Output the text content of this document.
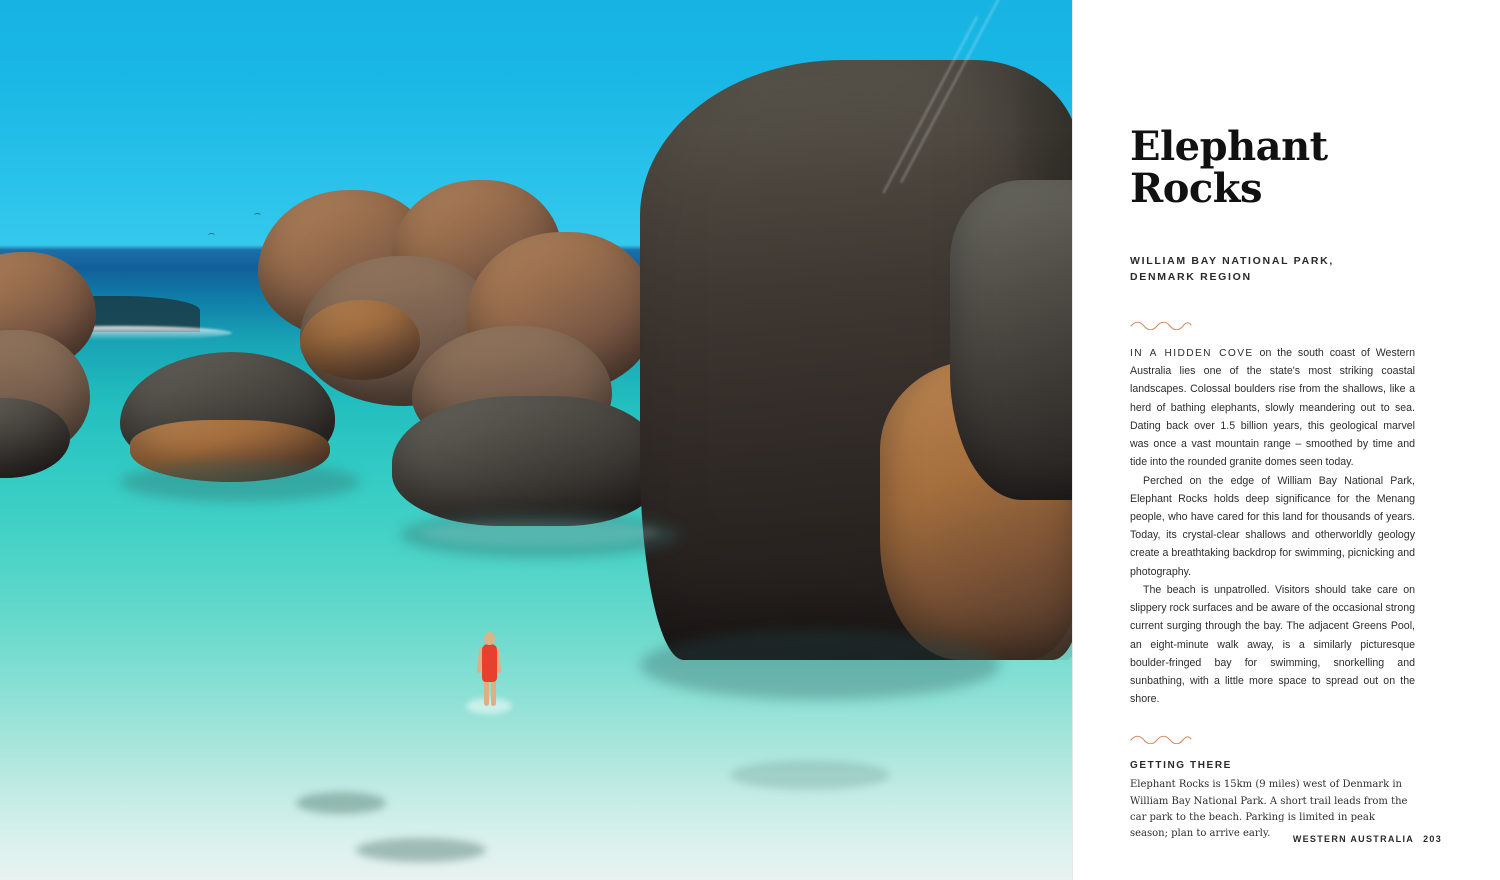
Elephant
Rocks
WILLIAM BAY NATIONAL PARK,
DENMARK REGION

IN A HIDDEN COVE on the south coast of Western Australia lies one of the state's most striking coastal landscapes. Colossal boulders rise from the shallows, like a herd of bathing elephants, slowly meandering out to sea. Dating back over 1.5 billion years, this geological marvel was once a vast mountain range – smoothed by time and tide into the rounded granite domes seen today.

Perched on the edge of William Bay National Park, Elephant Rocks holds deep significance for the Menang people, who have cared for this land for thousands of years. Today, its crystal-clear shallows and otherworldly geology create a breathtaking backdrop for swimming, picnicking and photography.

The beach is unpatrolled. Visitors should take care on slippery rock surfaces and be aware of the occasional strong current surging through the bay. The adjacent Greens Pool, an eight-minute walk away, is a similarly picturesque boulder-fringed bay for swimming, snorkelling and sunbathing, with a little more space to spread out on the shore.

GETTING THERE
Elephant Rocks is 15km (9 miles) west of Denmark in William Bay National Park. A short trail leads from the car park to the beach. Parking is limited in peak season; plan to arrive early.
WESTERN AUSTRALIA 203
